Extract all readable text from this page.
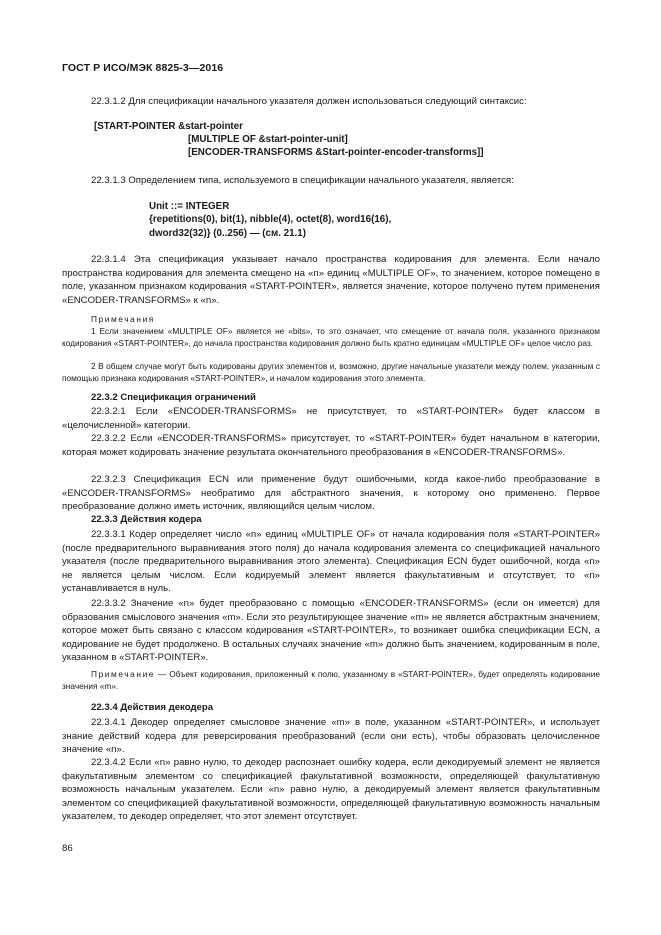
ГОСТ Р ИСО/МЭК 8825-3—2016

22.3.1.2 Для спецификации начального указателя должен использоваться следующий синтаксис:

[START-POINTER &start-pointer
[MULTIPLE OF &start-pointer-unit]
[ENCODER-TRANSFORMS &Start-pointer-encoder-transforms]]

22.3.1.3 Определением типа, используемого в спецификации начального указателя, является:

Unit ::= INTEGER
{repetitions(0), bit(1), nibble(4), octet(8), word16(16),
dword32(32)} (0..256) — (см. 21.1)

22.3.1.4 Эта спецификация указывает начало пространства кодирования для элемента. Если начало пространства кодирования для элемента смещено на «n» единиц «MULTIPLE OF», то значением, которое помещено в поле, указанном признаком кодирования «START-POINTER», является значение, которое получено путем применения «ENCODER-TRANSFORMS» к «n».

Примечания

1 Если значением «MULTIPLE OF» является не «bits», то это означает, что смещение от начала поля, указанного признаком кодирования «START-POINTER», до начала пространства кодирования должно быть кратно единицам «MULTIPLE OF» целое число раз.

2 В общем случае могут быть кодированы других элементов и, возможно, другие начальные указатели между полем, указанным с помощью признака кодирования «START-POINTER», и началом кодирования этого элемента.

22.3.2 Спецификация ограничений

22.3.2.1 Если «ENCODER-TRANSFORMS» не присутствует, то «START-POINTER» будет классом в «целочисленной» категории.

22.3.2.2 Если «ENCODER-TRANSFORMS» присутствует, то «START-POINTER» будет начальном в категории, которая может кодировать значение результата окончательного преобразования в «ENCODER-TRANSFORMS».

22.3.2.3 Спецификация ECN или применение будут ошибочными, когда какое-либо преобразование в «ENCODER-TRANSFORMS» необратимо для абстрактного значения, к которому оно применено. Первое преобразование должно иметь источник, являющийся целым числом.

22.3.3 Действия кодера

22.3.3.1 Кодер определяет число «n» единиц «MULTIPLE OF» от начала кодирования поля «START-POINTER» (после предварительного выравнивания этого поля) до начала кодирования элемента со спецификацией начального указателя (после предварительного выравнивания этого элемента). Спецификация ECN будет ошибочной, когда «n» не является целым числом. Если кодируемый элемент является факультативным и отсутствует, то «n» устанавливается в нуль.

22.3.3.2 Значение «n» будет преобразовано с помощью «ENCODER-TRANSFORMS» (если он имеется) для образования смыслового значения «m». Если это результирующее значение «m» не является абстрактным значением, которое может быть связано с классом кодирования «START-POINTER», то возникает ошибка спецификации ECN, а кодирование не будет продолжено. В остальных случаях значение «m» должно быть значением, кодированным в поле, указанном в «START-POINTER».

Примечание — Объект кодирования, приложенный к полю, указанному в «START-POINTER», будет определять кодирование значения «m».

22.3.4 Действия декодера

22.3.4.1 Декодер определяет смысловое значение «m» в поле, указанном «START-POINTER», и использует знание действий кодера для реверсирования преобразований (если они есть), чтобы образовать целочисленное значение «n».

22.3.4.2 Если «n» равно нулю, то декодер распознает ошибку кодера, если декодируемый элемент не является факультативным элементом со спецификацией факультативной возможности, определяющей факультативную возможность начальным указателем. Если «n» равно нулю, а декодируемый элемент является факультативным элементом со спецификацией факультативной возможности, определяющей факультативную возможность начальным указателем, то декодер определяет, что этот элемент отсутствует.

86
